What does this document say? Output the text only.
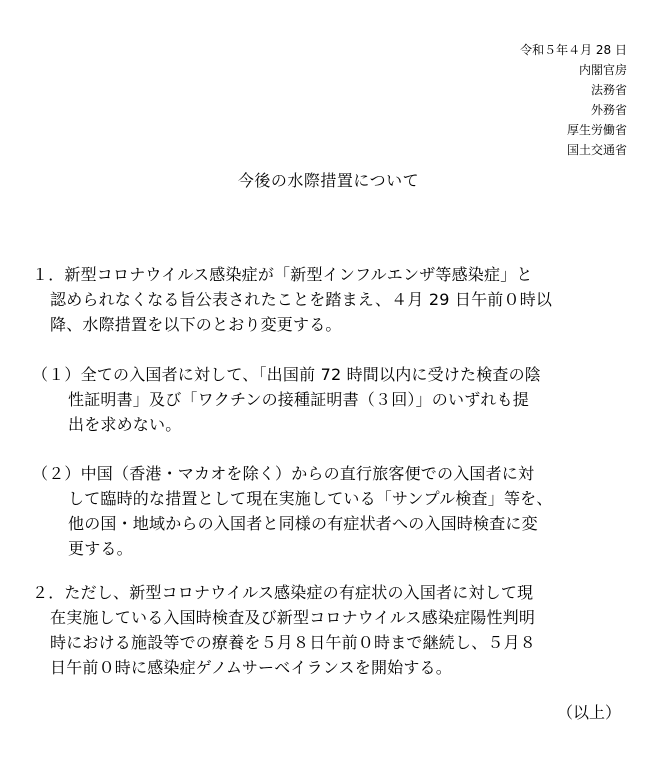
令和５年４月 28 日
内閣官房
法務省
外務省
厚生労働省
国土交通省
今後の水際措置について
１．新型コロナウイルス感染症が「新型インフルエンザ等感染症」と
認められなくなる旨公表されたことを踏まえ、４月 29 日午前０時以
降、水際措置を以下のとおり変更する。
（１）全ての入国者に対して、「出国前 72 時間以内に受けた検査の陰
性証明書」及び「ワクチンの接種証明書（３回）」のいずれも提
出を求めない。
（２）中国（香港・マカオを除く）からの直行旅客便での入国者に対
して臨時的な措置として現在実施している「サンプル検査」等を、
他の国・地域からの入国者と同様の有症状者への入国時検査に変
更する。
２．ただし、新型コロナウイルス感染症の有症状の入国者に対して現
在実施している入国時検査及び新型コロナウイルス感染症陽性判明
時における施設等での療養を５月８日午前０時まで継続し、５月８
日午前０時に感染症ゲノムサーベイランスを開始する。
（以上）
